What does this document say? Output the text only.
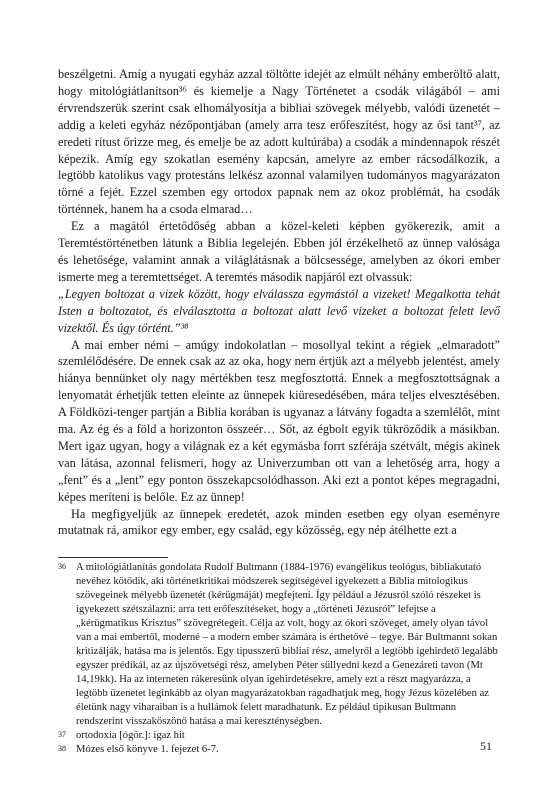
beszélgetni. Amíg a nyugati egyház azzal töltötte idejét az elmúlt néhány emberöltő alatt, hogy mitológiátlanítson³⁶ és kiemelje a Nagy Történetet a csodák világából – ami érvrendszerük szerint csak elhomályosítja a bibliai szövegek mélyebb, valódi üzenetét – addig a keleti egyház nézőpontjában (amely arra tesz erőfeszítést, hogy az ősi tant³⁷, az eredeti rítust őrizze meg, és emelje be az adott kultúrába) a csodák a mindennapok részét képezik. Amíg egy szokatlan esemény kapcsán, amelyre az ember rácsodálkozik, a legtöbb katolikus vagy protestáns lelkész azonnal valamilyen tudományos magyarázaton törné a fejét. Ezzel szemben egy ortodox papnak nem az okoz problémát, ha csodák történnek, hanem ha a csoda elmarad…

Ez a magától értetődőség abban a közel-keleti képben gyökerezik, amit a Teremtéstörténetben látunk a Biblia legelején. Ebben jól érzékelhető az ünnep valósága és lehetősége, valamint annak a világlátásnak a bölcsessége, amelyben az ókori ember ismerte meg a teremtettséget. A teremtés második napjáról ezt olvassuk:

„Legyen boltozat a vizek között, hogy elválassza egymástól a vizeket! Megalkotta tehát Isten a boltozatot, és elválasztotta a boltozat alatt levő vizeket a boltozat felett levő vizektől. És úgy történt.”³⁸

A mai ember némi – amúgy indokolatlan – mosollyal tekint a régiek „elmaradott” szemlélődésére. De ennek csak az az oka, hogy nem értjük azt a mélyebb jelentést, amely hiánya bennünket oly nagy mértékben tesz megfosztottá. Ennek a megfosztottságnak a lenyomatát érhetjük tetten eleinte az ünnepek kiüresedésében, mára teljes elvesztésében. A Földközi-tenger partján a Biblia korában is ugyanaz a látvány fogadta a szemlélőt, mint ma. Az ég és a föld a horizonton összeér… Sőt, az égbolt egyik tükröződik a másikban. Mert igaz ugyan, hogy a világnak ez a két egymásba forrt szférája szétvált, mégis akinek van látása, azonnal felismeri, hogy az Univerzumban ott van a lehetőség arra, hogy a „fent” és a „lent” egy ponton összekapcsolódhasson. Aki ezt a pontot képes megragadni, képes meríteni is belőle. Ez az ünnep!

Ha megfigyeljük az ünnepek eredetét, azok minden esetben egy olyan eseményre mutatnak rá, amikor egy ember, egy család, egy közösség, egy nép átélhette ezt a

36 A mitológiátlanítás gondolata Rudolf Bultmann (1884-1976) evangélikus teológus, bibliakutató nevéhez kötődik, aki történetkritikai módszerek segítségével igyekezett a Biblia mitologikus szövegeinek mélyebb üzenetét (kérügmáját) megfejteni. Így például a Jézusról szóló részeket is igyekezett szétszálazni: arra tett erőfeszítéseket, hogy a „történeti Jézusról” lefejtse a „kérügmatikus Krisztus” szövegrétegeit. Célja az volt, hogy az ókori szöveget, amely olyan távol van a mai embertől, moderné – a modern ember számára is érthetővé – tegye. Bár Bultmannt sokan kritizálják, hatása ma is jelentős. Egy tipusszerű bibliai rész, amelyről a legtöbb igehirdető legalább egyszer prédikál, az az újszövetségi rész, amelyben Péter süllyedni kezd a Genezáreti tavon (Mt 14,19kk). Ha az interneten rákeresünk olyan igehirdetésekre, amely ezt a részt magyarázza, a legtöbb üzenetet leginkább az olyan magyarázatokban ragadhatjuk meg, hogy Jézus közelében az életünk nagy viharaiban is a hullámok felett maradhatunk. Ez például tipikusan Bultmann rendszerint visszaköszönő hatása a mai kereszténységben.
37 ortodoxia [ógör.]: igaz hit
38 Mózes első könyve 1. fejezet 6-7.	51
